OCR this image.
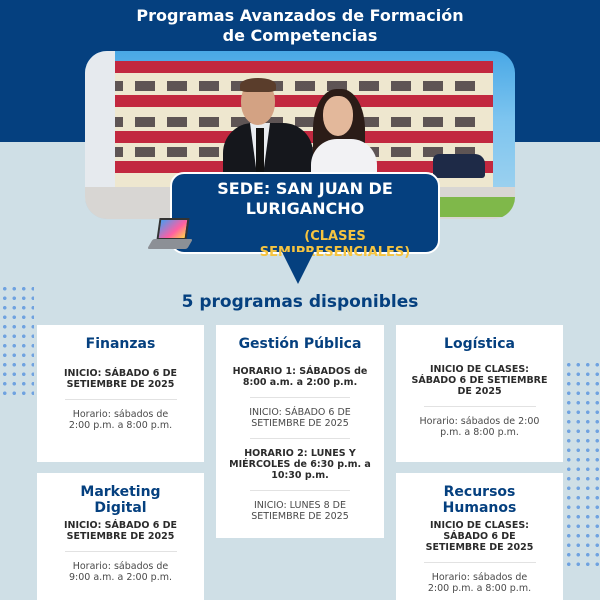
Programas Avanzados de Formación
de Competencias
SEDE: SAN JUAN DE
LURIGANCHO
(CLASES SEMIPRESENCIALES)
5 programas disponibles
Finanzas
INICIO: SÁBADO 6 DE
SETIEMBRE DE 2025
Horario: sábados de
2:00 p.m. a 8:00 p.m.
Gestión Pública
HORARIO 1: SÁBADOS de
8:00 a.m. a 2:00 p.m.
INICIO: SÁBADO 6 DE
SETIEMBRE DE 2025
HORARIO 2: LUNES Y
MIÉRCOLES de 6:30 p.m. a
10:30 p.m.
INICIO: LUNES 8 DE
SETIEMBRE DE 2025
Logística
INICIO DE CLASES:
SÁBADO 6 DE SETIEMBRE
DE 2025
Horario: sábados de 2:00
p.m. a 8:00 p.m.
Marketing
Digital
INICIO: SÁBADO 6 DE
SETIEMBRE DE 2025
Horario: sábados de
9:00 a.m. a 2:00 p.m.
Recursos
Humanos
INICIO DE CLASES:
SÁBADO 6 DE
SETIEMBRE DE 2025
Horario: sábados de
2:00 p.m. a 8:00 p.m.
